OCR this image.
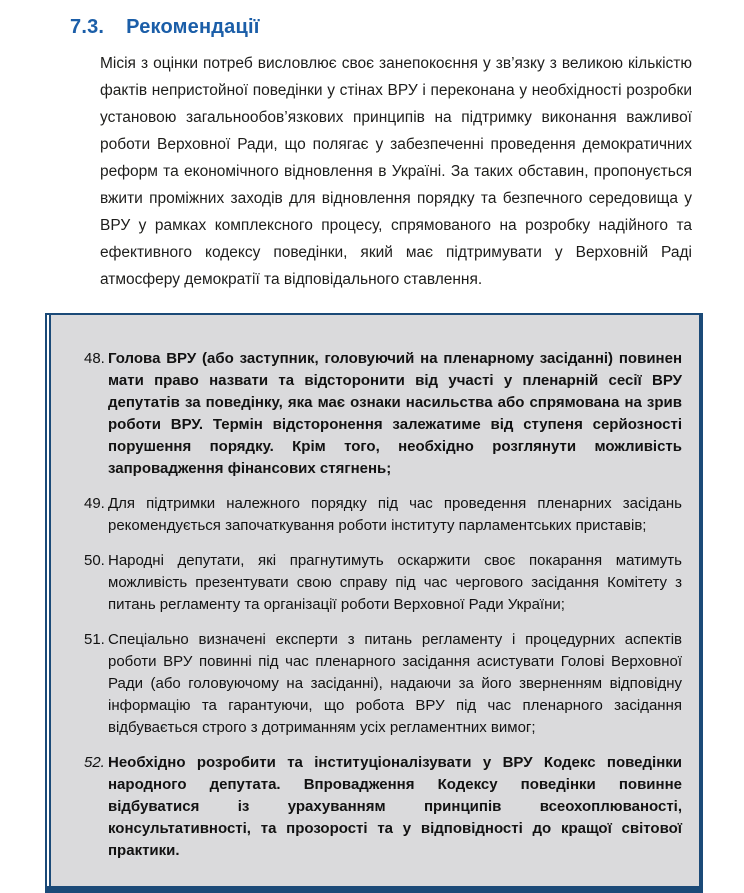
7.3. Рекомендації

Місія з оцінки потреб висловлює своє занепокоєння у зв’язку з великою кількістю фактів непристойної поведінки у стінах ВРУ і переконана у необхідності розробки установою загальнообов’язкових принципів на підтримку виконання важливої роботи Верховної Ради, що полягає у забезпеченні проведення демократичних реформ та економічного відновлення в Україні. За таких обставин, пропонується вжити проміжних заходів для відновлення порядку та безпечного середовища у ВРУ у рамках комплексного процесу, спрямованого на розробку надійного та ефективного кодексу поведінки, який має підтримувати у Верховній Раді атмосферу демократії та відповідального ставлення.

48. Голова ВРУ (або заступник, головуючий на пленарному засіданні) повинен мати право назвати та відсторонити від участі у пленарній сесії ВРУ депутатів за поведінку, яка має ознаки насильства або спрямована на зрив роботи ВРУ. Термін відсторонення залежатиме від ступеня серйозності порушення порядку. Крім того, необхідно розглянути можливість запровадження фінансових стягнень;
49. Для підтримки належного порядку під час проведення пленарних засідань рекомендується започаткування роботи інституту парламентських приставів;
50. Народні депутати, які прагнутимуть оскаржити своє покарання матимуть можливість презентувати свою справу під час чергового засідання Комітету з питань регламенту та організації роботи Верховної Ради України;
51. Спеціально визначені експерти з питань регламенту і процедурних аспектів роботи ВРУ повинні під час пленарного засідання асистувати Голові Верховної Ради (або головуючому на засіданні), надаючи за його зверненням відповідну інформацію та гарантуючи, що робота ВРУ під час пленарного засідання відбувається строго з дотриманням усіх регламентних вимог;
52. Необхідно розробити та інституціоналізувати у ВРУ Кодекс поведінки народного депутата. Впровадження Кодексу поведінки повинне відбуватися із урахуванням принципів всеохоплюваності, консультативності, та прозорості та у відповідності до кращої світової практики.
